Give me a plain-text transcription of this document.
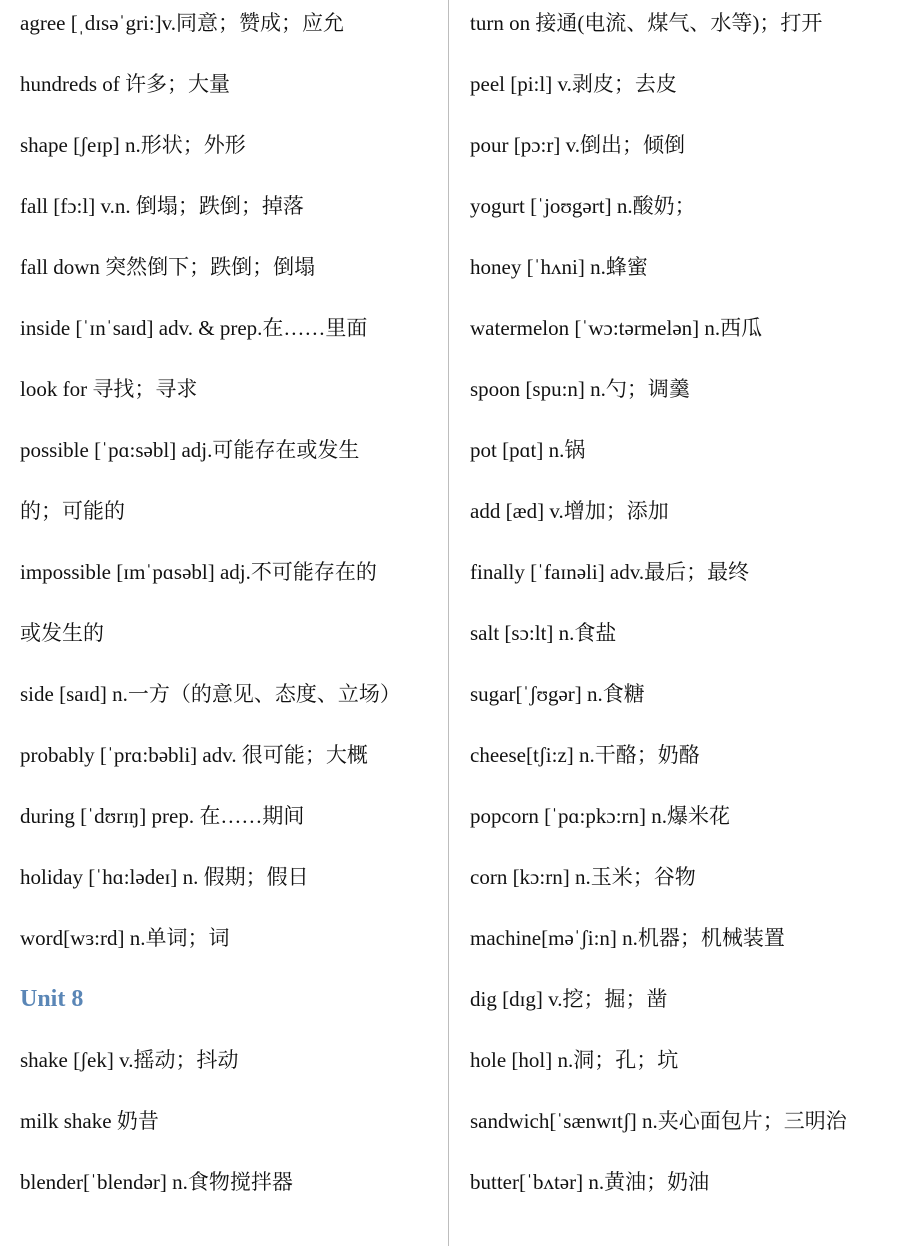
agree [ˌdɪsəˈgri:]v.同意；赞成；应允
hundreds of 许多；大量
shape [ʃeɪp] n.形状；外形
fall [fɔ:l] v.n. 倒塌；跌倒；掉落
fall down 突然倒下；跌倒；倒塌
inside [ˈɪnˈsaɪd] adv. & prep.在……里面
look for 寻找；寻求
possible [ˈpɑ:səbl] adj.可能存在或发生
的；可能的
impossible [ɪmˈpɑsəbl] adj.不可能存在的
或发生的
side [saɪd] n.一方（的意见、态度、立场）
probably [ˈprɑ:bəbli] adv. 很可能；大概
during [ˈdʊrɪŋ] prep. 在……期间
holiday [ˈhɑ:lədeɪ] n. 假期；假日
word[wɜ:rd] n.单词；词
Unit 8
shake [ʃek] v.摇动；抖动
milk shake 奶昔
blender[ˈblendər] n.食物搅拌器
turn on 接通(电流、煤气、水等)；打开
peel [pi:l] v.剥皮；去皮
pour [pɔ:r] v.倒出；倾倒
yogurt [ˈjoʊgərt] n.酸奶；
honey [ˈhʌni] n.蜂蜜
watermelon [ˈwɔ:tərmelən] n.西瓜
spoon [spu:n] n.勺；调羹
pot [pɑt] n.锅
add [æd] v.增加；添加
finally [ˈfaɪnəli] adv.最后；最终
salt [sɔ:lt] n.食盐
sugar[ˈʃʊgər] n.食糖
cheese[tʃi:z] n.干酪；奶酪
popcorn [ˈpɑ:pkɔ:rn] n.爆米花
corn [kɔ:rn] n.玉米；谷物
machine[məˈʃi:n] n.机器；机械装置
dig [dɪg] v.挖；掘；凿
hole [hol] n.洞；孔；坑
sandwich[ˈsænwɪtʃ] n.夹心面包片；三明治
butter[ˈbʌtər] n.黄油；奶油
